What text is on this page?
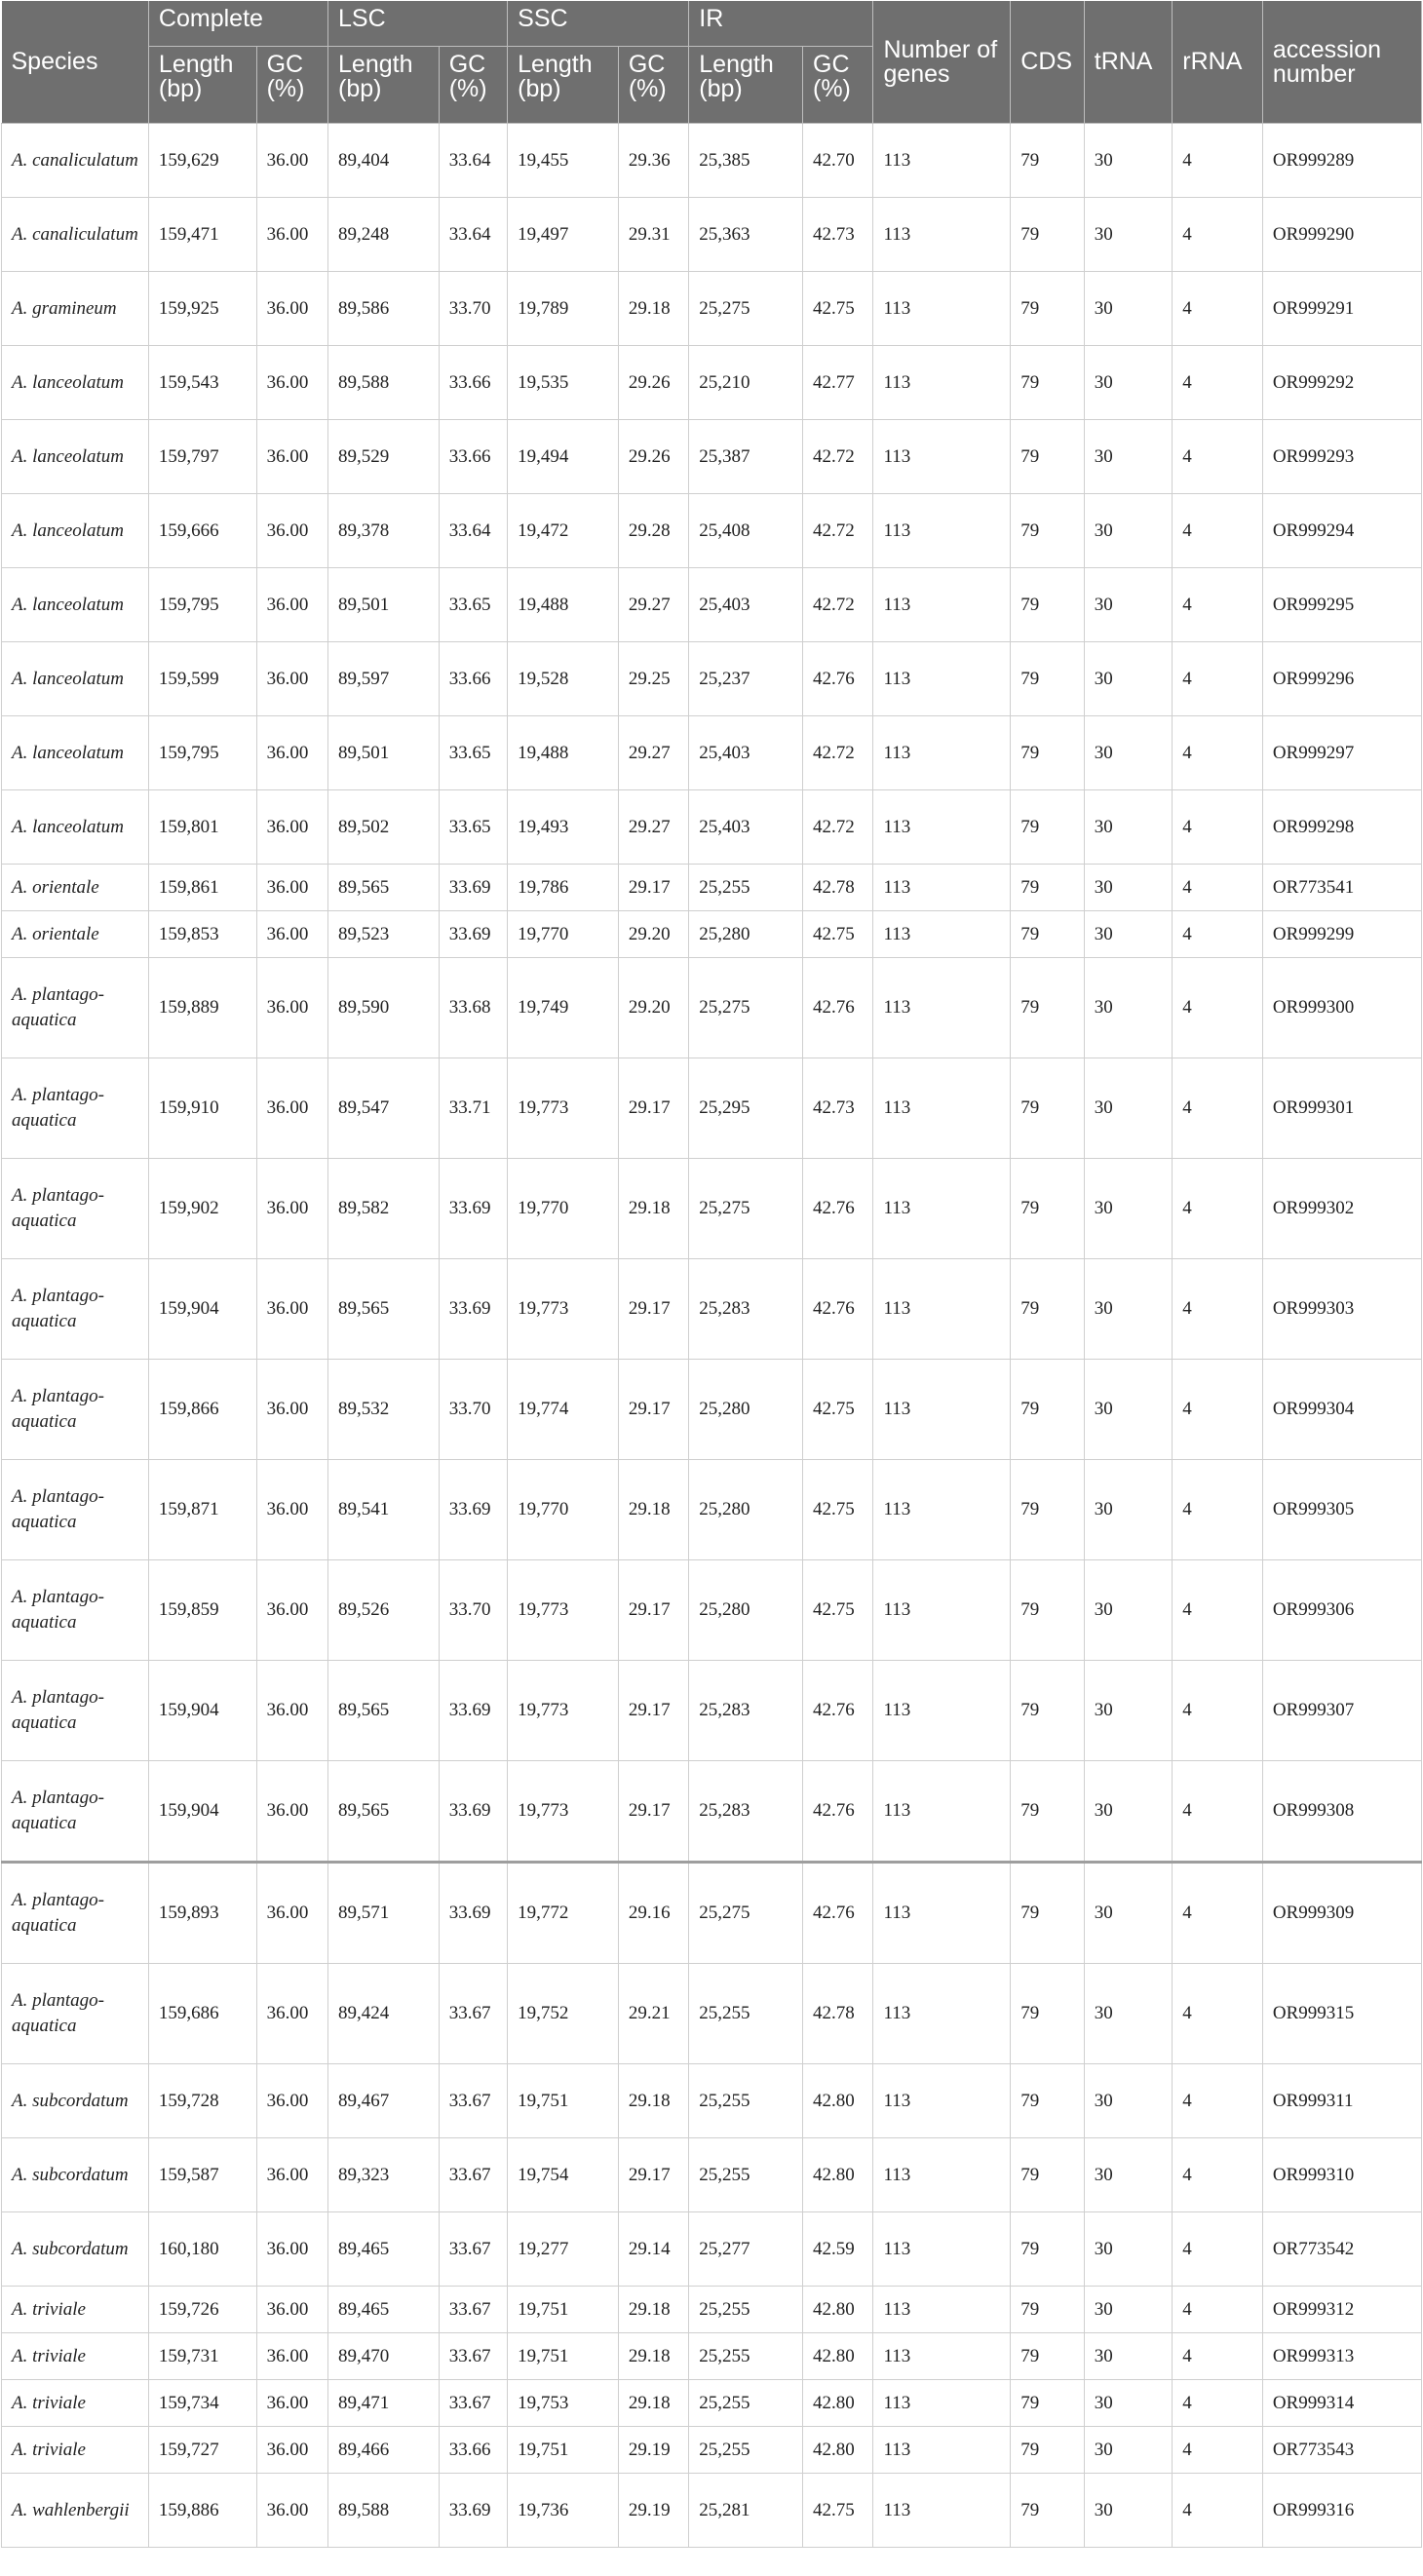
Species	Complete		LSC		SSC		IR		Number of genes	CDS	tRNA	rRNA	accession number
	Length (bp)	GC (%)	Length (bp)	GC (%)	Length (bp)	GC (%)	Length (bp)	GC (%)					
A. canaliculatum	159,629	36.00	89,404	33.64	19,455	29.36	25,385	42.70	113	79	30	4	OR999289
A. canaliculatum	159,471	36.00	89,248	33.64	19,497	29.31	25,363	42.73	113	79	30	4	OR999290
A. gramineum	159,925	36.00	89,586	33.70	19,789	29.18	25,275	42.75	113	79	30	4	OR999291
A. lanceolatum	159,543	36.00	89,588	33.66	19,535	29.26	25,210	42.77	113	79	30	4	OR999292
A. lanceolatum	159,797	36.00	89,529	33.66	19,494	29.26	25,387	42.72	113	79	30	4	OR999293
A. lanceolatum	159,666	36.00	89,378	33.64	19,472	29.28	25,408	42.72	113	79	30	4	OR999294
A. lanceolatum	159,795	36.00	89,501	33.65	19,488	29.27	25,403	42.72	113	79	30	4	OR999295
A. lanceolatum	159,599	36.00	89,597	33.66	19,528	29.25	25,237	42.76	113	79	30	4	OR999296
A. lanceolatum	159,795	36.00	89,501	33.65	19,488	29.27	25,403	42.72	113	79	30	4	OR999297
A. lanceolatum	159,801	36.00	89,502	33.65	19,493	29.27	25,403	42.72	113	79	30	4	OR999298
A. orientale	159,861	36.00	89,565	33.69	19,786	29.17	25,255	42.78	113	79	30	4	OR773541
A. orientale	159,853	36.00	89,523	33.69	19,770	29.20	25,280	42.75	113	79	30	4	OR999299
A. plantago-aquatica	159,889	36.00	89,590	33.68	19,749	29.20	25,275	42.76	113	79	30	4	OR999300
A. plantago-aquatica	159,910	36.00	89,547	33.71	19,773	29.17	25,295	42.73	113	79	30	4	OR999301
A. plantago-aquatica	159,902	36.00	89,582	33.69	19,770	29.18	25,275	42.76	113	79	30	4	OR999302
A. plantago-aquatica	159,904	36.00	89,565	33.69	19,773	29.17	25,283	42.76	113	79	30	4	OR999303
A. plantago-aquatica	159,866	36.00	89,532	33.70	19,774	29.17	25,280	42.75	113	79	30	4	OR999304
A. plantago-aquatica	159,871	36.00	89,541	33.69	19,770	29.18	25,280	42.75	113	79	30	4	OR999305
A. plantago-aquatica	159,859	36.00	89,526	33.70	19,773	29.17	25,280	42.75	113	79	30	4	OR999306
A. plantago-aquatica	159,904	36.00	89,565	33.69	19,773	29.17	25,283	42.76	113	79	30	4	OR999307
A. plantago-aquatica	159,904	36.00	89,565	33.69	19,773	29.17	25,283	42.76	113	79	30	4	OR999308
A. plantago-aquatica	159,893	36.00	89,571	33.69	19,772	29.16	25,275	42.76	113	79	30	4	OR999309
A. plantago-aquatica	159,686	36.00	89,424	33.67	19,752	29.21	25,255	42.78	113	79	30	4	OR999315
A. subcordatum	159,728	36.00	89,467	33.67	19,751	29.18	25,255	42.80	113	79	30	4	OR999311
A. subcordatum	159,587	36.00	89,323	33.67	19,754	29.17	25,255	42.80	113	79	30	4	OR999310
A. subcordatum	160,180	36.00	89,465	33.67	19,277	29.14	25,277	42.59	113	79	30	4	OR773542
A. triviale	159,726	36.00	89,465	33.67	19,751	29.18	25,255	42.80	113	79	30	4	OR999312
A. triviale	159,731	36.00	89,470	33.67	19,751	29.18	25,255	42.80	113	79	30	4	OR999313
A. triviale	159,734	36.00	89,471	33.67	19,753	29.18	25,255	42.80	113	79	30	4	OR999314
A. triviale	159,727	36.00	89,466	33.66	19,751	29.19	25,255	42.80	113	79	30	4	OR773543
A. wahlenbergii	159,886	36.00	89,588	33.69	19,736	29.19	25,281	42.75	113	79	30	4	OR999316
